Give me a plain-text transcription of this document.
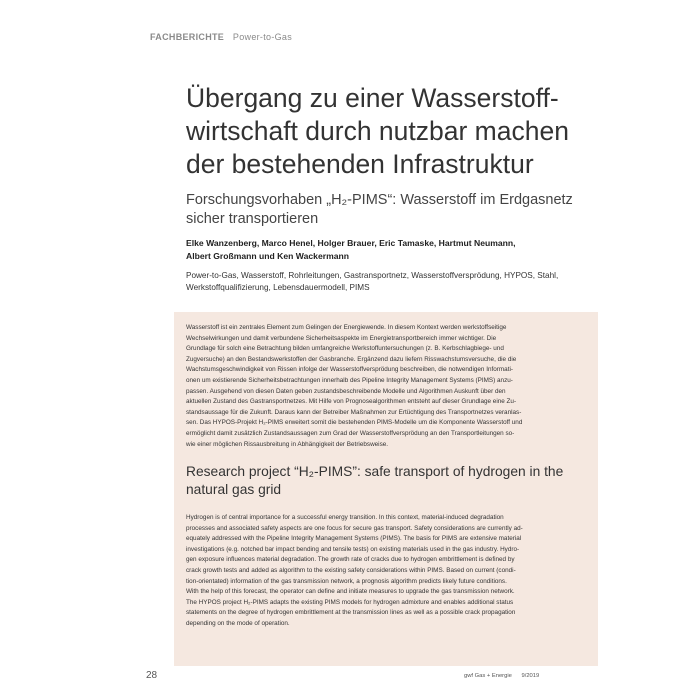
FACHBERICHTE Power-to-Gas
Übergang zu einer Wasserstoff-
wirtschaft durch nutzbar machen
der bestehenden Infrastruktur
Forschungsvorhaben „H₂-PIMS“: Wasserstoff im Erdgasnetz
sicher transportieren
Elke Wanzenberg, Marco Henel, Holger Brauer, Eric Tamaske, Hartmut Neumann,
Albert Großmann und Ken Wackermann
Power-to-Gas, Wasserstoff, Rohrleitungen, Gastransportnetz, Wasserstoffversprödung, HYPOS, Stahl,
Werkstoffqualifizierung, Lebensdauermodell, PIMS
Wasserstoff ist ein zentrales Element zum Gelingen der Energiewende. In diesem Kontext werden werkstoffseitige
Wechselwirkungen und damit verbundene Sicherheitsaspekte im Energietransportbereich immer wichtiger. Die
Grundlage für solch eine Betrachtung bilden umfangreiche Werkstoffuntersuchungen (z. B. Kerbschlagbiege- und
Zugversuche) an den Bestandswerkstoffen der Gasbranche. Ergänzend dazu liefern Risswachstumsversuche, die die
Wachstumsgeschwindigkeit von Rissen infolge der Wasserstoffversprödung beschreiben, die notwendigen Informati-
onen um existierende Sicherheitsbetrachtungen innerhalb des Pipeline Integrity Management Systems (PIMS) anzu-
passen. Ausgehend von diesen Daten geben zustandsbeschreibende Modelle und Algorithmen Auskunft über den
aktuellen Zustand des Gastransportnetzes. Mit Hilfe von Prognosealgorithmen entsteht auf dieser Grundlage eine Zu-
standsaussage für die Zukunft. Daraus kann der Betreiber Maßnahmen zur Ertüchtigung des Transportnetzes veranlas-
sen. Das HYPOS-Projekt H₂-PIMS erweitert somit die bestehenden PIMS-Modelle um die Komponente Wasserstoff und
ermöglicht damit zusätzlich Zustandsaussagen zum Grad der Wasserstoffversprödung an den Transportleitungen so-
wie einer möglichen Rissausbreitung in Abhängigkeit der Betriebsweise.
Research project “H₂-PIMS”: safe transport of hydrogen in the
natural gas grid
Hydrogen is of central importance for a successful energy transition. In this context, material-induced degradation
processes and associated safety aspects are one focus for secure gas transport. Safety considerations are currently ad-
equately addressed with the Pipeline Integrity Management Systems (PIMS). The basis for PIMS are extensive material
investigations (e.g. notched bar impact bending and tensile tests) on existing materials used in the gas industry. Hydro-
gen exposure influences material degradation. The growth rate of cracks due to hydrogen embrittlement is defined by
crack growth tests and added as algorithm to the existing safety considerations within PIMS. Based on current (condi-
tion-orientated) information of the gas transmission network, a prognosis algorithm predicts likely future conditions.
With the help of this forecast, the operator can define and initiate measures to upgrade the gas transmission network.
The HYPOS project H₂-PIMS adapts the existing PIMS models for hydrogen admixture and enables additional status
statements on the degree of hydrogen embrittlement at the transmission lines as well as a possible crack propagation
depending on the mode of operation.
28	gwf Gas + Energie 9/2019
